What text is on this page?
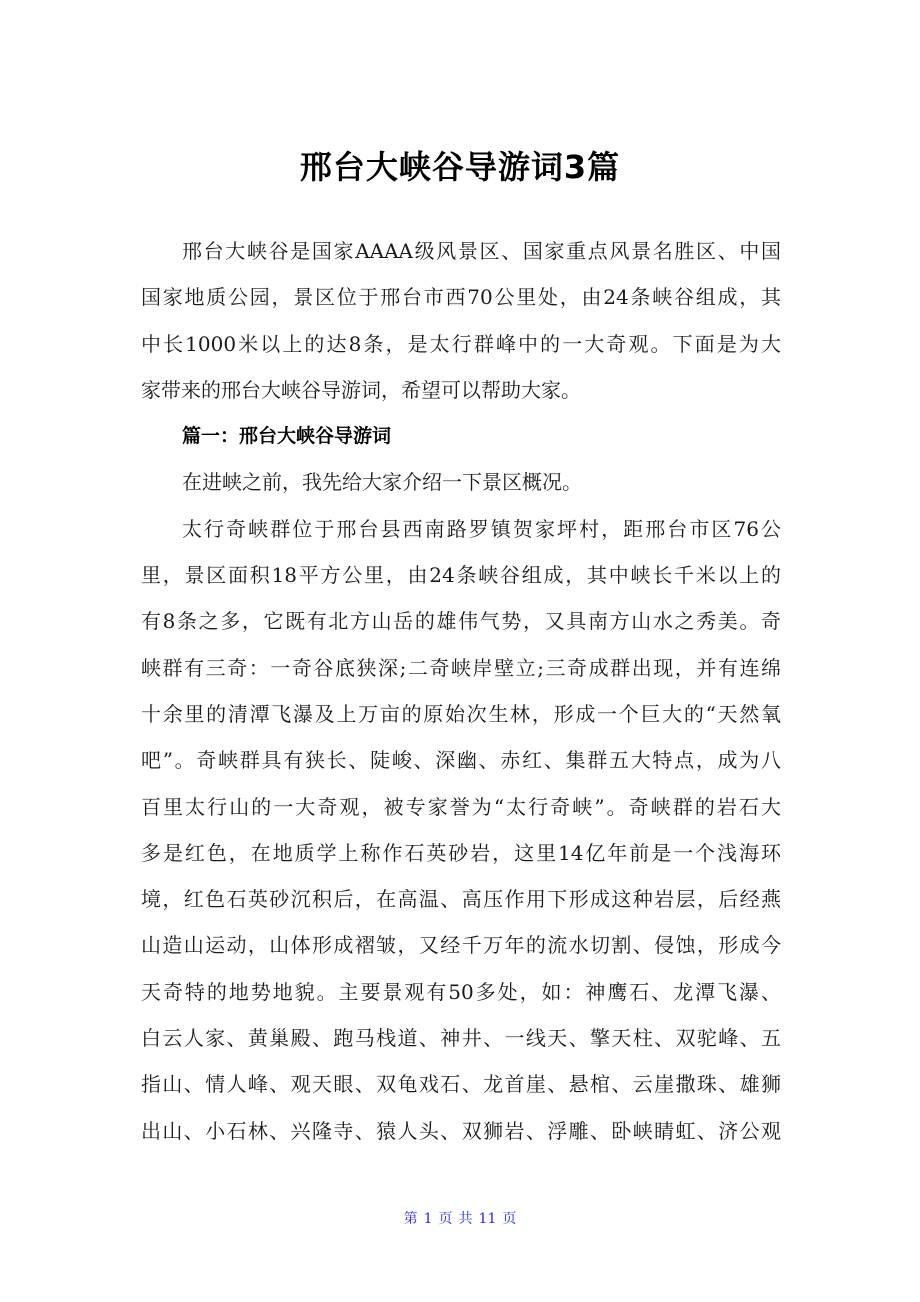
邢台大峡谷导游词3篇
邢台大峡谷是国家AAAA级风景区、国家重点风景名胜区、中国
国家地质公园，景区位于邢台市西70公里处，由24条峡谷组成，其
中长1000米以上的达8条，是太行群峰中的一大奇观。下面是为大
家带来的邢台大峡谷导游词，希望可以帮助大家。
篇一：邢台大峡谷导游词
在进峡之前，我先给大家介绍一下景区概况。
太行奇峡群位于邢台县西南路罗镇贺家坪村，距邢台市区76公
里，景区面积18平方公里，由24条峡谷组成，其中峡长千米以上的
有8条之多，它既有北方山岳的雄伟气势，又具南方山水之秀美。奇
峡群有三奇：一奇谷底狭深;二奇峡岸壁立;三奇成群出现，并有连绵
十余里的清潭飞瀑及上万亩的原始次生林，形成一个巨大的“天然氧
吧”。奇峡群具有狭长、陡峻、深幽、赤红、集群五大特点，成为八
百里太行山的一大奇观，被专家誉为“太行奇峡”。奇峡群的岩石大
多是红色，在地质学上称作石英砂岩，这里14亿年前是一个浅海环
境，红色石英砂沉积后，在高温、高压作用下形成这种岩层，后经燕
山造山运动，山体形成褶皱，又经千万年的流水切割、侵蚀，形成今
天奇特的地势地貌。主要景观有50多处，如：神鹰石、龙潭飞瀑、
白云人家、黄巢殿、跑马栈道、神井、一线天、擎天柱、双驼峰、五
指山、情人峰、观天眼、双龟戏石、龙首崖、悬棺、云崖撒珠、雄狮
出山、小石林、兴隆寺、猿人头、双狮岩、浮雕、卧峡睛虹、济公观
第 1 页 共 11 页
